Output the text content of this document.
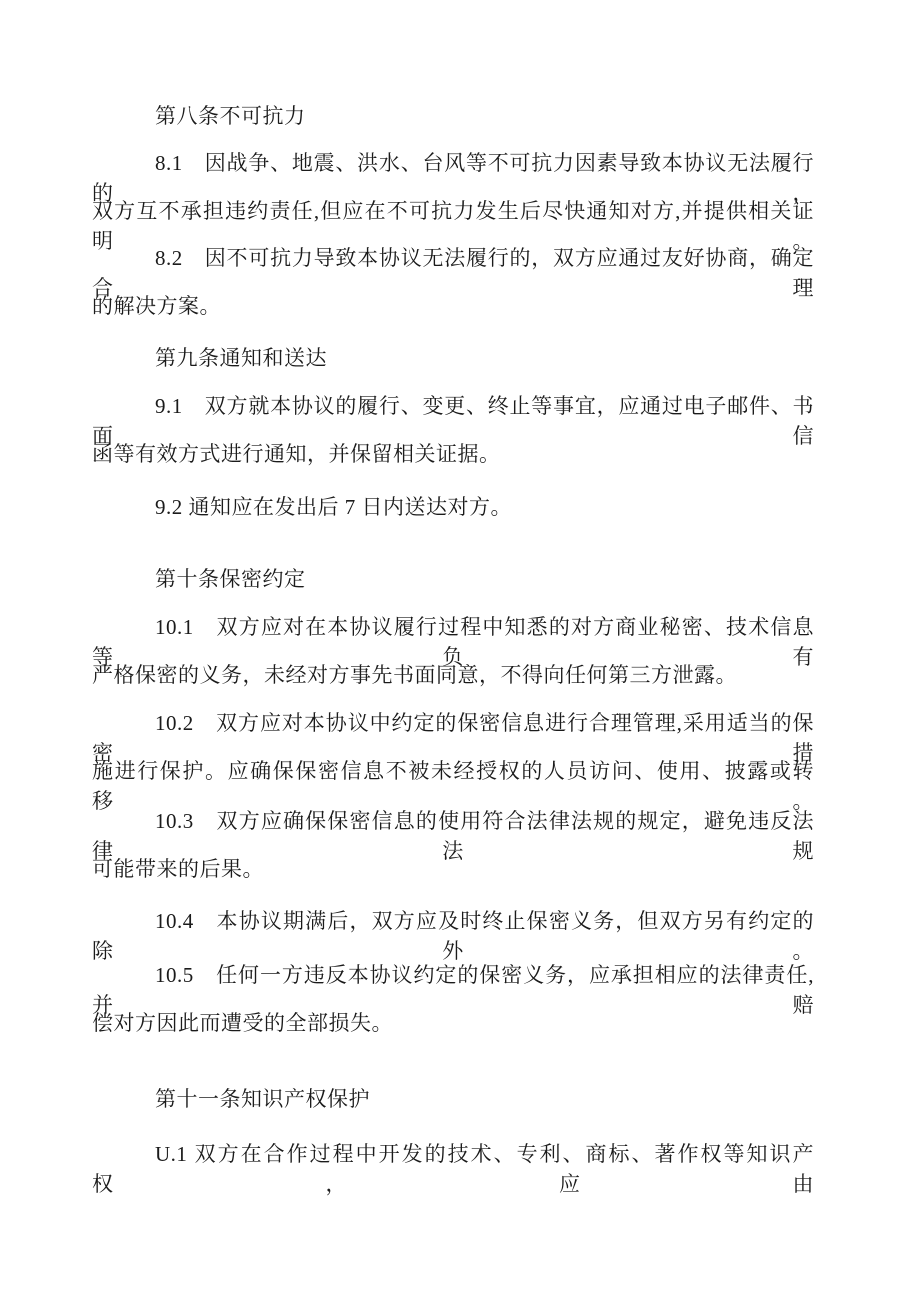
第八条不可抗力
8.1　因战争、地震、洪水、台风等不可抗力因素导致本协议无法履行的，
双方互不承担违约责任,但应在不可抗力发生后尽快通知对方,并提供相关证明。
8.2　因不可抗力导致本协议无法履行的，双方应通过友好协商，确定合理
的解决方案。
第九条通知和送达
9.1　双方就本协议的履行、变更、终止等事宜，应通过电子邮件、书面信
函等有效方式进行通知，并保留相关证据。
9.2 通知应在发出后 7 日内送达对方。
第十条保密约定
10.1　双方应对在本协议履行过程中知悉的对方商业秘密、技术信息等负有
严格保密的义务，未经对方事先书面同意，不得向任何第三方泄露。
10.2　双方应对本协议中约定的保密信息进行合理管理,采用适当的保密措
施进行保护。应确保保密信息不被未经授权的人员访问、使用、披露或转移。
10.3　双方应确保保密信息的使用符合法律法规的规定，避免违反法律法规
可能带来的后果。
10.4　本协议期满后，双方应及时终止保密义务，但双方另有约定的除外。
10.5　任何一方违反本协议约定的保密义务，应承担相应的法律责任,并赔
偿对方因此而遭受的全部损失。
第十一条知识产权保护
U.1 双方在合作过程中开发的技术、专利、商标、著作权等知识产权，应由
